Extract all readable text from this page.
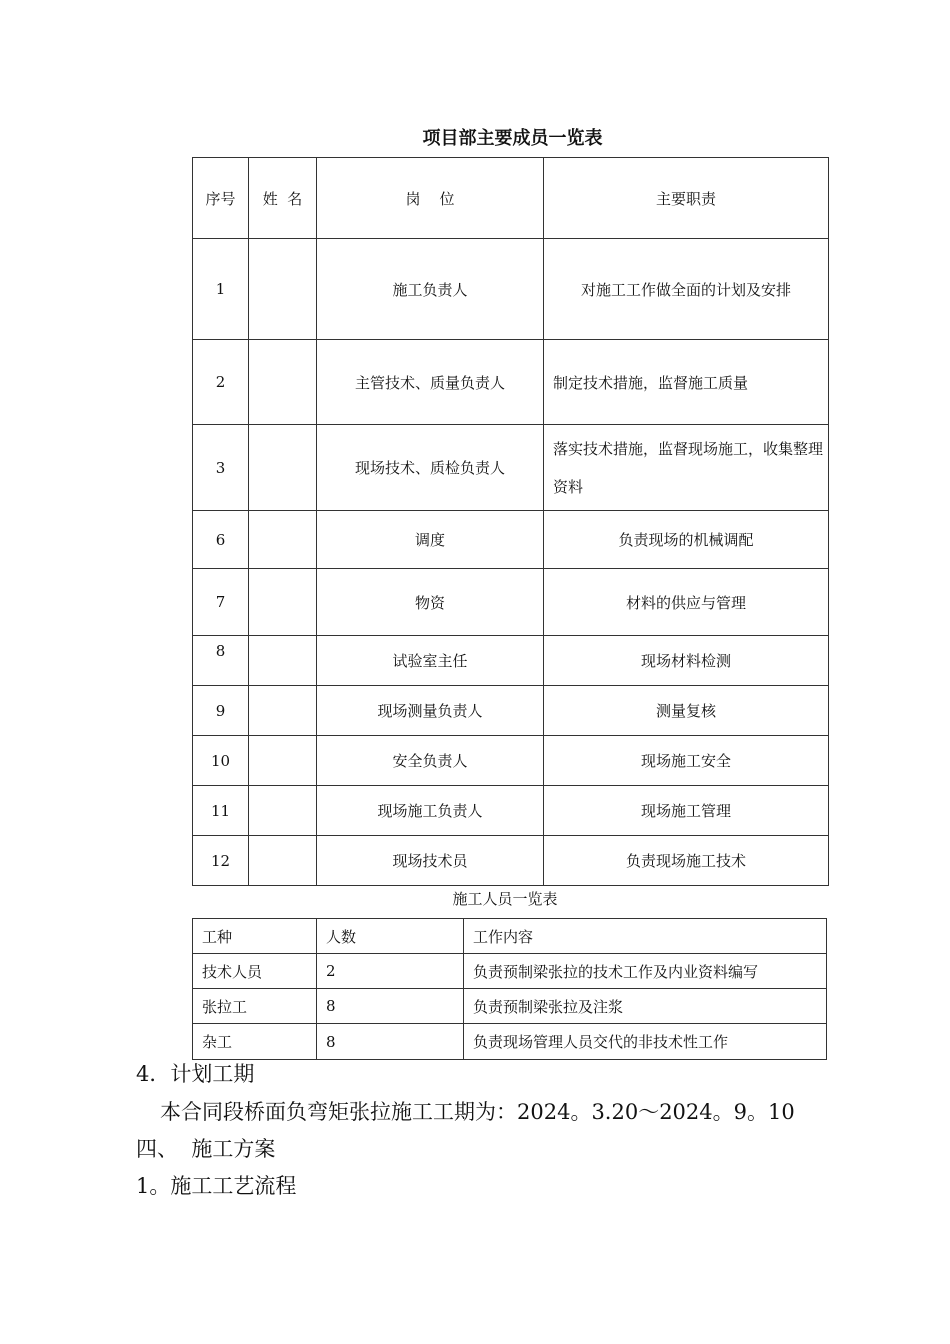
项目部主要成员一览表
序号	姓  名	岗    位	主要职责
1		施工负责人	对施工工作做全面的计划及安排
2		主管技术、质量负责人	制定技术措施，监督施工质量
3		现场技术、质检负责人	落实技术措施，监督现场施工，收集整理资料

6		调度	负责现场的机械调配
7		物资	材料的供应与管理
8		试验室主任	现场材料检测
9		现场测量负责人	测量复核
10		安全负责人	现场施工安全
11		现场施工负责人	现场施工管理
12		现场技术员	负责现场施工技术
施工人员一览表
工种	人数	工作内容
技术人员	2	负责预制梁张拉的技术工作及内业资料编写
张拉工	8	负责预制梁张拉及注浆
杂工	8	负责现场管理人员交代的非技术性工作
4．计划工期
本合同段桥面负弯矩张拉施工工期为：2024。3.20～2024。9。10
四、  施工方案
1。施工工艺流程
